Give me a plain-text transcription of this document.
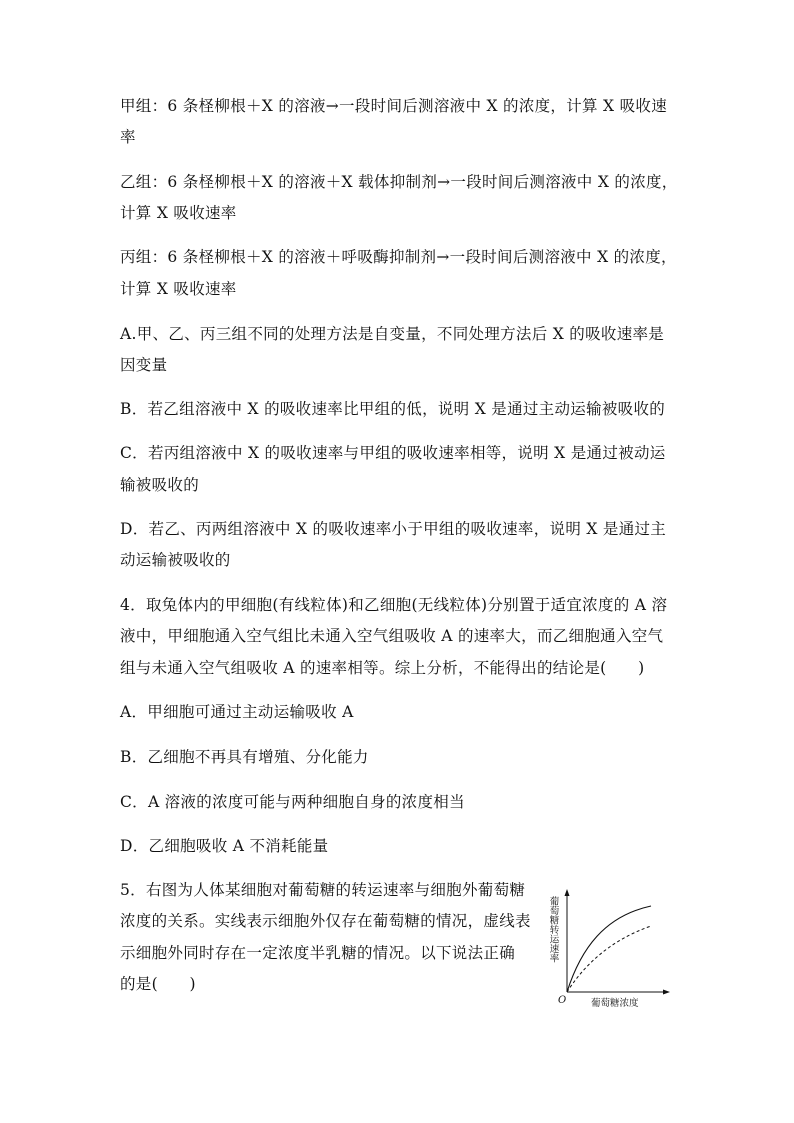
甲组：6 条柽柳根＋X 的溶液→一段时间后测溶液中 X 的浓度，计算 X 吸收速
率
乙组：6 条柽柳根＋X 的溶液＋X 载体抑制剂→一段时间后测溶液中 X 的浓度，
计算 X 吸收速率
丙组：6 条柽柳根＋X 的溶液＋呼吸酶抑制剂→一段时间后测溶液中 X 的浓度，
计算 X 吸收速率
A.甲、乙、丙三组不同的处理方法是自变量，不同处理方法后 X 的吸收速率是
因变量
B．若乙组溶液中 X 的吸收速率比甲组的低，说明 X 是通过主动运输被吸收的
C．若丙组溶液中 X 的吸收速率与甲组的吸收速率相等，说明 X 是通过被动运
输被吸收的
D．若乙、丙两组溶液中 X 的吸收速率小于甲组的吸收速率，说明 X 是通过主
动运输被吸收的
4．取兔体内的甲细胞(有线粒体)和乙细胞(无线粒体)分别置于适宜浓度的 A 溶
液中，甲细胞通入空气组比未通入空气组吸收 A 的速率大，而乙细胞通入空气
组与未通入空气组吸收 A 的速率相等。综上分析，不能得出的结论是(　　)
A．甲细胞可通过主动运输吸收 A
B．乙细胞不再具有增殖、分化能力
C．A 溶液的浓度可能与两种细胞自身的浓度相当
D．乙细胞吸收 A 不消耗能量
5．右图为人体某细胞对葡萄糖的转运速率与细胞外葡萄糖
浓度的关系。实线表示细胞外仅存在葡萄糖的情况，虚线表
示细胞外同时存在一定浓度半乳糖的情况。以下说法正确
的是(　　)
葡萄糖转运速率
O	葡萄糖浓度
